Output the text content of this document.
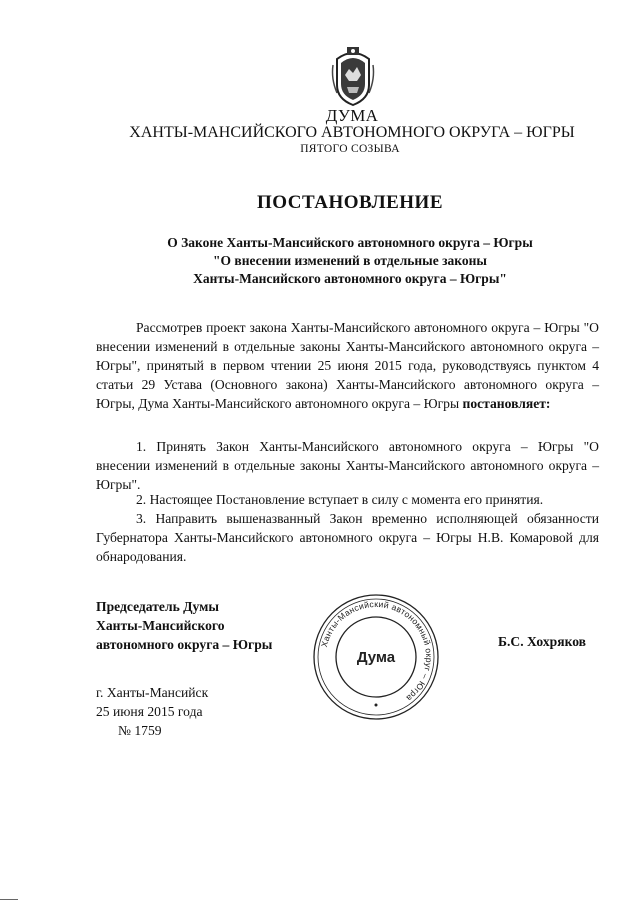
ДУМА
ХАНТЫ-МАНСИЙСКОГО АВТОНОМНОГО ОКРУГА – ЮГРЫ
ПЯТОГО СОЗЫВА
ПОСТАНОВЛЕНИЕ
О Законе Ханты-Мансийского автономного округа – Югры
"О внесении изменений в отдельные законы
Ханты-Мансийского автономного округа – Югры"
Рассмотрев проект закона Ханты-Мансийского автономного округа – Югры "О внесении изменений в отдельные законы Ханты-Мансийского автономного округа – Югры", принятый в первом чтении 25 июня 2015 года, руководствуясь пунктом 4 статьи 29 Устава (Основного закона) Ханты-Мансийского автономного округа – Югры, Дума Ханты-Мансийского автономного округа – Югры постановляет:
1. Принять Закон Ханты-Мансийского автономного округа – Югры "О внесении изменений в отдельные законы Ханты-Мансийского автономного округа – Югры".
2. Настоящее Постановление вступает в силу с момента его принятия.
3. Направить вышеназванный Закон временно исполняющей обязанности Губернатора Ханты-Мансийского автономного округа – Югры Н.В. Комаровой для обнародования.
Председатель Думы
Ханты-Мансийского
автономного округа – Югры	Ханты-Мансийский автономный округ – Югра
Дума
Б.С. Хохряков
г. Ханты-Мансийск
25 июня 2015 года
№ 1759
